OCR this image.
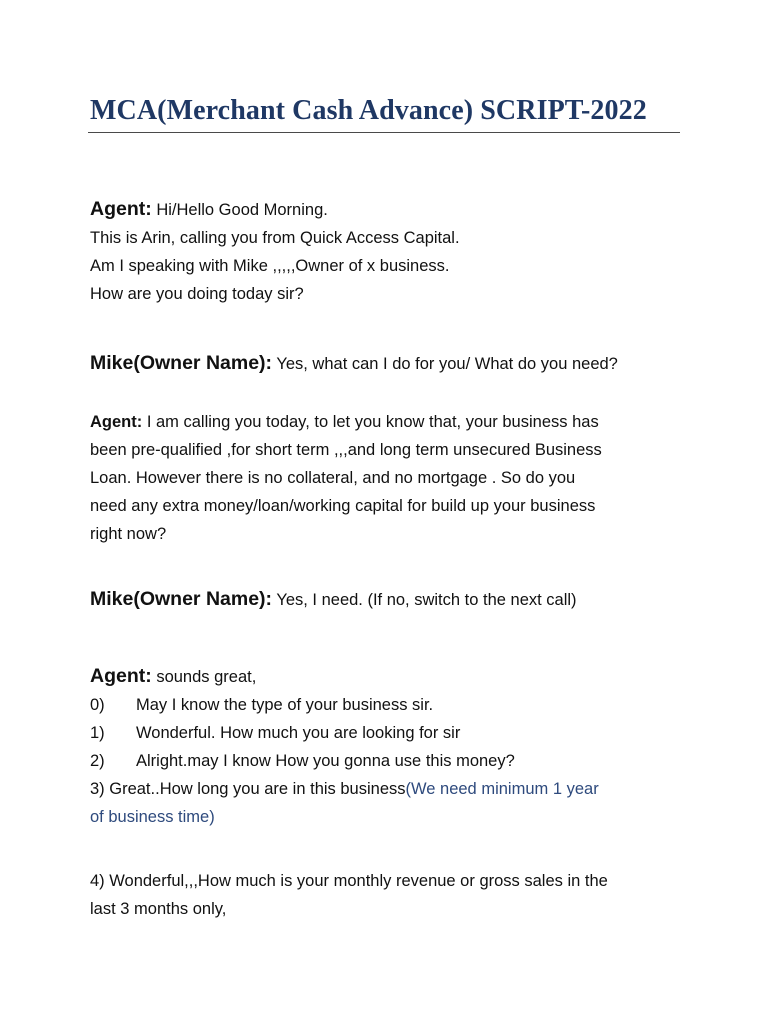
MCA(Merchant Cash Advance) SCRIPT-2022
Agent: Hi/Hello Good Morning.
This is Arin, calling you from Quick Access Capital.
Am I speaking with Mike ,,,,,Owner of x business.
How are you doing today sir?
Mike(Owner Name): Yes, what can I do for you/ What do you need?
Agent: I am calling you today, to let you know that, your business has
been pre-qualified ,for short term ,,,and long term unsecured Business
Loan. However there is no collateral, and no mortgage . So do you
need any extra money/loan/working capital for build up your business
right now?
Mike(Owner Name): Yes, I need. (If no, switch to the next call)
Agent: sounds great,
0) May I know the type of your business sir.
1) Wonderful. How much you are looking for sir
2) Alright.may I know How you gonna use this money?
3) Great..How long you are in this business(We need minimum 1 year
of business time)
4) Wonderful,,,How much is your monthly revenue or gross sales in the
last 3 months only,
